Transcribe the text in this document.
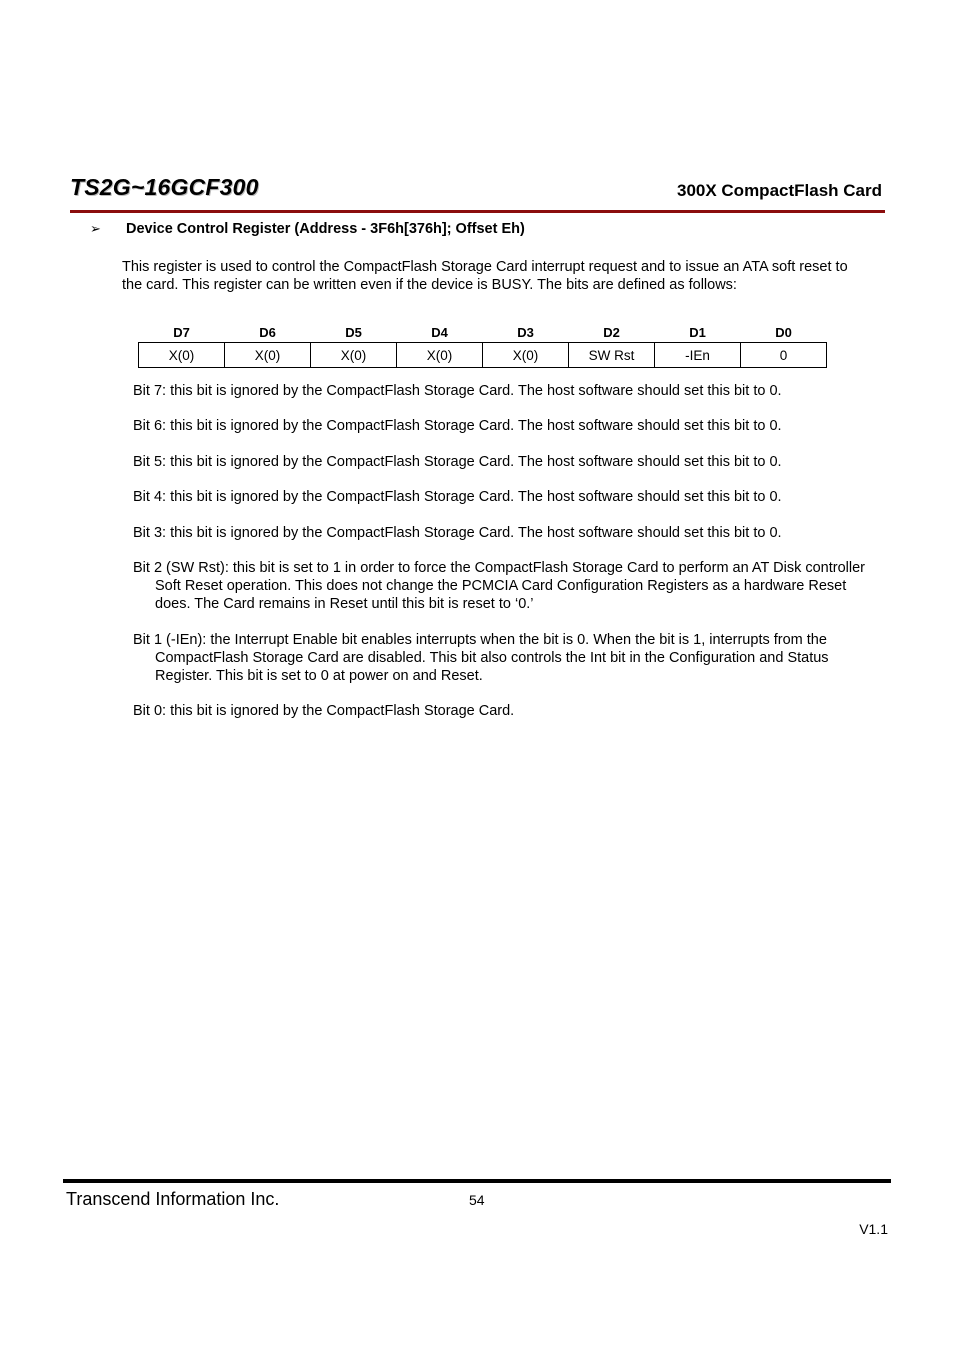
TS2G~16GCF300	300X CompactFlash Card
➢ Device Control Register (Address - 3F6h[376h]; Offset Eh)
This register is used to control the CompactFlash Storage Card interrupt request and to issue an ATA soft reset to the card. This register can be written even if the device is BUSY. The bits are defined as follows:
D7	D6	D5	D4	D3	D2	D1	D0
X(0)	X(0)	X(0)	X(0)	X(0)	SW Rst	-IEn	0
Bit 7: this bit is ignored by the CompactFlash Storage Card. The host software should set this bit to 0.
Bit 6: this bit is ignored by the CompactFlash Storage Card. The host software should set this bit to 0.
Bit 5: this bit is ignored by the CompactFlash Storage Card. The host software should set this bit to 0.
Bit 4: this bit is ignored by the CompactFlash Storage Card. The host software should set this bit to 0.
Bit 3: this bit is ignored by the CompactFlash Storage Card. The host software should set this bit to 0.
Bit 2 (SW Rst): this bit is set to 1 in order to force the CompactFlash Storage Card to perform an AT Disk controller Soft Reset operation. This does not change the PCMCIA Card Configuration Registers as a hardware Reset does. The Card remains in Reset until this bit is reset to ‘0.’
Bit 1 (-IEn): the Interrupt Enable bit enables interrupts when the bit is 0. When the bit is 1, interrupts from the CompactFlash Storage Card are disabled. This bit also controls the Int bit in the Configuration and Status Register. This bit is set to 0 at power on and Reset.
Bit 0: this bit is ignored by the CompactFlash Storage Card.
Transcend Information Inc.	54
V1.1
